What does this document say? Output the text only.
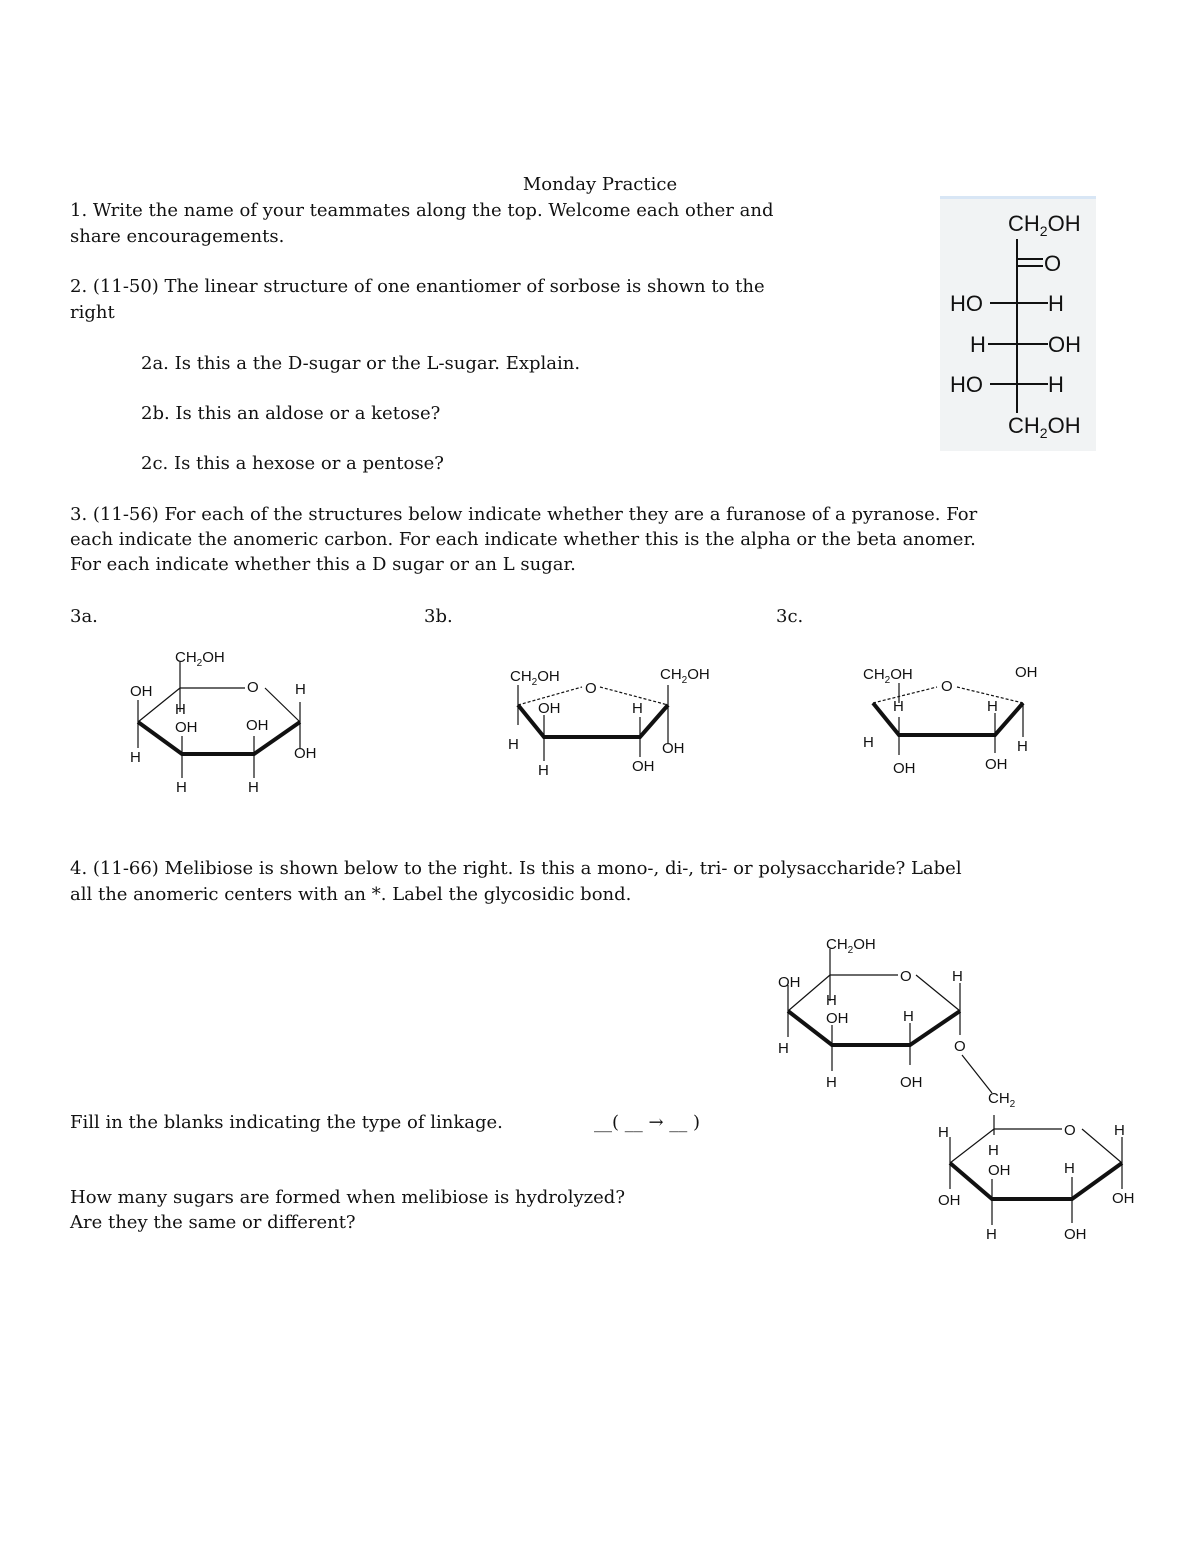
Monday Practice
1. Write the name of your teammates along the top. Welcome each other and
share encouragements.
2. (11-50) The linear structure of one enantiomer of sorbose is shown to the
right
2a. Is this a the D-sugar or the L-sugar. Explain.
2b. Is this an aldose or a ketose?
2c. Is this a hexose or a pentose?
$CH_2OH$
O
HO	H
H	OH
HO	H
$CH_2OH$
3. (11-56) For each of the structures below indicate whether they are a furanose of a pyranose. For
each indicate the anomeric carbon. For each indicate whether this is the alpha or the beta anomer.
For each indicate whether this a D sugar or an L sugar.
3a.	3b.	3c.
$CH_2OH$
O
OH
H
OH	OH
H
OH
H
H	H
$CH_2OH$	$CH_2OH$
O
OH	H
H
H	OH
OH
$CH_2OH$	OH
O
H	H
H
OH	OH
H
4. (11-66) Melibiose is shown below to the right. Is this a mono-, di-, tri- or polysaccharide? Label
all the anomeric centers with an *. Label the glycosidic bond.
Fill in the blanks indicating the type of linkage.	__( __ → __ )
How many sugars are formed when melibiose is hydrolyzed?
Are they the same or different?
$CH_2OH$
O	H
OH
H
OH	H
H	O
H	OH
$CH_2$
O
H	H
H
OH	H
OH	OH
H	OH
